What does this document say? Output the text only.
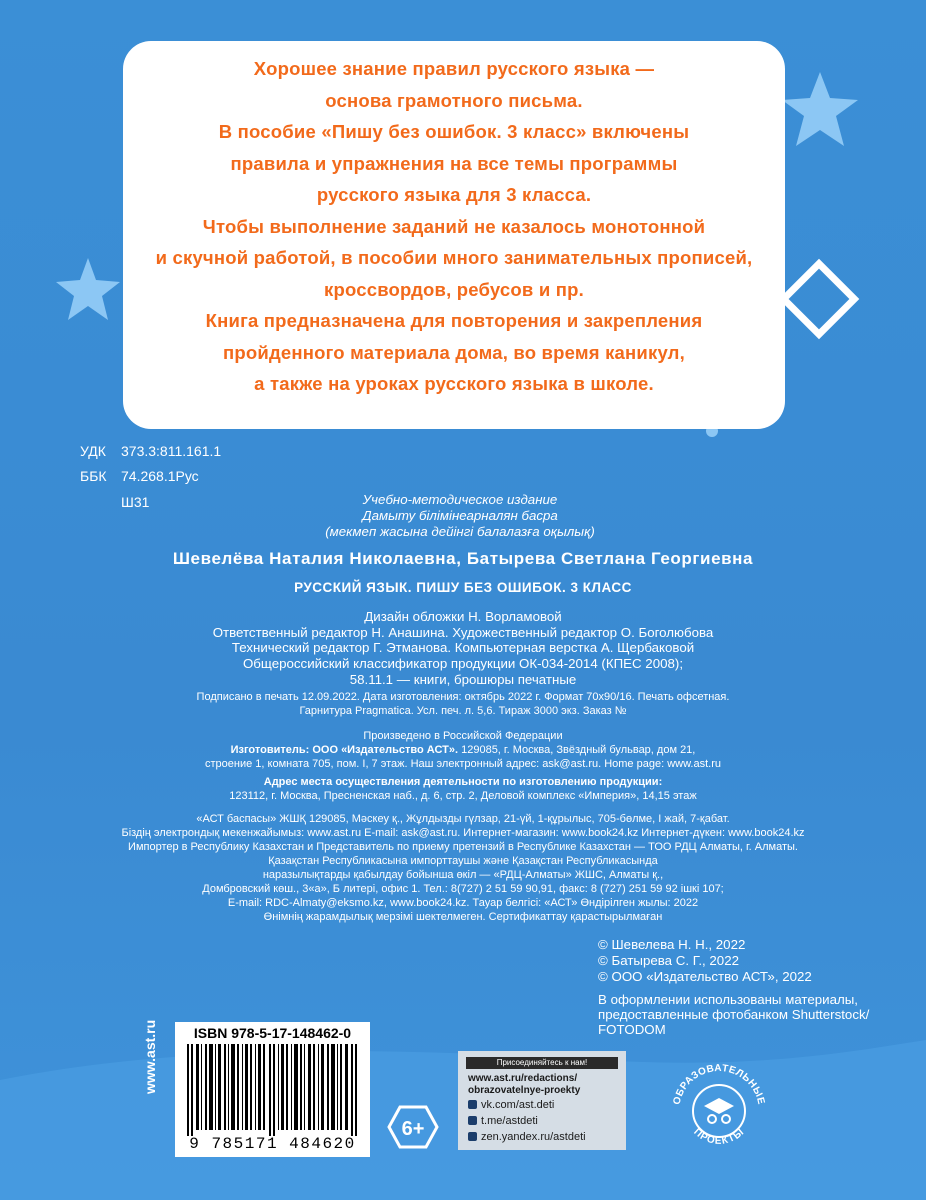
Хорошее знание правил русского языка —
основа грамотного письма.
В пособие «Пишу без ошибок. 3 класс» включены
правила и упражнения на все темы программы
русского языка для 3 класса.
Чтобы выполнение заданий не казалось монотонной
и скучной работой, в пособии много занимательных прописей,
кроссвордов, ребусов и пр.
Книга предназначена для повторения и закрепления
пройденного материала дома, во время каникул,
а также на уроках русского языка в школе.
УДК 373.3:811.161.1
ББК 74.268.1Рус
Ш31	Учебно-методическое издание
Дамыту білімінеарналян басра
(мекмеп жасына дейінгі балалазға оқылық)
Шевелёва Наталия Николаевна, Батырева Светлана Георгиевна
РУССКИЙ ЯЗЫК. ПИШУ БЕЗ ОШИБОК. 3 КЛАСС
Дизайн обложки Н. Ворламовой
Ответственный редактор Н. Анашина. Художественный редактор О. Боголюбова
Технический редактор Г. Этманова. Компьютерная верстка А. Щербаковой
Общероссийский классификатор продукции ОК-034-2014 (КПЕС 2008);
58.11.1 — книги, брошюры печатные
Подписано в печать 12.09.2022. Дата изготовления: октябрь 2022 г. Формат 70x90/16. Печать офсетная.
Гарнитура Pragmatica. Усл. печ. л. 5,6. Тираж 3000 экз. Заказ №
Произведено в Российской Федерации
Изготовитель: ООО «Издательство АСТ». 129085, г. Москва, Звёздный бульвар, дом 21,
строение 1, комната 705, пом. I, 7 этаж. Наш электронный адрес: ask@ast.ru. Home page: www.ast.ru
Адрес места осуществления деятельности по изготовлению продукции:
123112, г. Москва, Пресненская наб., д. 6, стр. 2, Деловой комплекс «Империя», 14,15 этаж
«АСТ баспасы» ЖШҚ 129085, Мәскеу қ., Жұлдызды гүлзар, 21-үй, 1-құрылыс, 705-бөлме, I жай, 7-қабат.
Біздің электрондық мекенжайымыз: www.ast.ru E-mail: ask@ast.ru. Интернет-магазин: www.book24.kz Интернет-дүкен: www.book24.kz
Импортер в Республику Казахстан и Представитель по приему претензий в Республике Казахстан — ТОО РДЦ Алматы, г. Алматы.
Қазақстан Республикасына импорттаушы және Қазақстан Республикасында
наразылықтарды қабылдау бойынша өкіл — «РДЦ-Алматы» ЖШС, Алматы қ.,
Домбровский көш., 3«а», Б литері, офис 1. Тел.: 8(727) 2 51 59 90,91, факс: 8 (727) 251 59 92 ішкі 107;
E-mail: RDC-Almaty@eksmo.kz, www.book24.kz. Тауар белгісі: «АСТ» Өндірілген жылы: 2022
Өнімнің жарамдылық мерзімі шектелмеген. Сертификаттау қарастырылмаған
© Шевелева Н. Н., 2022
© Батырева С. Г., 2022
© ООО «Издательство АСТ», 2022
В оформлении использованы материалы,
предоставленные фотобанком Shutterstock/
FOTODOM
www.ast.ru	ISBN 978-5-17-148462-0
9 785171 484620
6+
Присоединяйтесь к нам!
www.ast.ru/redactions/
obrazovatelnye-proekty
vk.com/ast.deti
t.me/astdeti
zen.yandex.ru/astdeti
ОБРАЗОВАТЕЛЬНЫЕ
ПРОЕКТЫ
